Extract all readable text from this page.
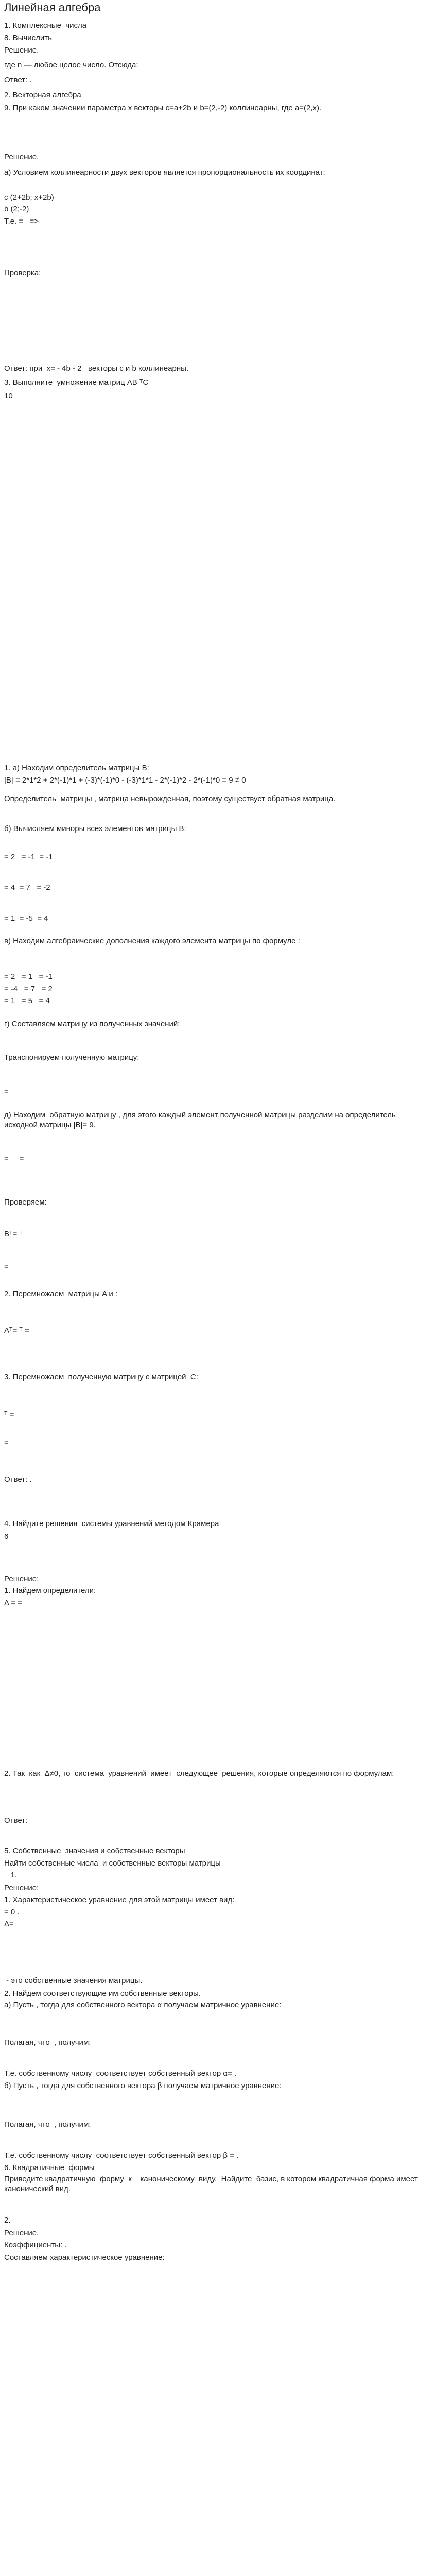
Линейная алгебра
1. Комплексные  числа
8. Вычислить
Решение.
где n — любое целое число. Отсюда:
Ответ: .
2. Векторная алгебра
9. При каком значении параметра x векторы c=a+2b и b=(2,-2) коллинеарны, где a=(2,x).
Решение.
а) Условием коллинеарности двух векторов является пропорциональность их координат:
c (2+2b; x+2b)
b (2;-2)
Т.е. =   =>
Проверка:
Ответ: при  x= - 4b - 2   векторы c и b коллинеарны.
3. Выполните  умножение матриц AB ᵀC
10
1. а) Находим определитель матрицы B:
|B| = 2*1*2 + 2*(-1)*1 + (-3)*(-1)*0 - (-3)*1*1 - 2*(-1)*2 - 2*(-1)*0 = 9 ≠ 0
Определитель  матрицы , матрица невырожденная, поэтому существует обратная матрица.
б) Вычисляем миноры всех элементов матрицы B:
= 2   = -1  = -1
= 4  = 7   = -2
= 1  = -5  = 4
в) Находим алгебраические дополнения каждого элемента матрицы по формуле :
= 2   = 1   = -1
= -4   = 7   = 2
= 1   = 5   = 4
г) Составляем матрицу из полученных значений:
Транспонируем полученную матрицу:
=
д) Находим  обратную матрицу , для этого каждый элемент полученной матрицы разделим на определитель исходной матрицы |B|= 9.
=     =
Проверяем:
Bᵀ= ᵀ
=
2. Перемножаем  матрицы A и :
Aᵀ= ᵀ =
3. Перемножаем  полученную матрицу с матрицей  C:
ᵀ =
=
Ответ: .
4. Найдите решения  системы уравнений методом Крамера
6
Решение:
1. Найдем определители:
Δ = =
2. Так  как  Δ≠0, то  система  уравнений  имеет  следующее  решения, которые определяются по формулам:
Ответ:
5. Собственные  значения и собственные векторы
Найти собственные числа  и собственные векторы матрицы
1.
Решение:
1. Характеристическое уравнение для этой матрицы имеет вид:
= 0 .
Δ=
- это собственные значения матрицы.
2. Найдем соответствующие им собственные векторы.
а) Пусть , тогда для собственного вектора α получаем матричное уравнение:
Полагая, что  , получим:
Т.е. собственному числу  соответствует собственный вектор α= .
б) Пусть , тогда для собственного вектора β получаем матричное уравнение:
Полагая, что  , получим:
Т.е. собственному числу  соответствует собственный вектор β = .
6. Квадратичные  формы
Приведите квадратичную  форму  к    каноническому  виду.  Найдите  базис, в котором квадратичная форма имеет канонический вид.
2.
Решение.
Коэффициенты: .
Составляем характеристическое уравнение:
